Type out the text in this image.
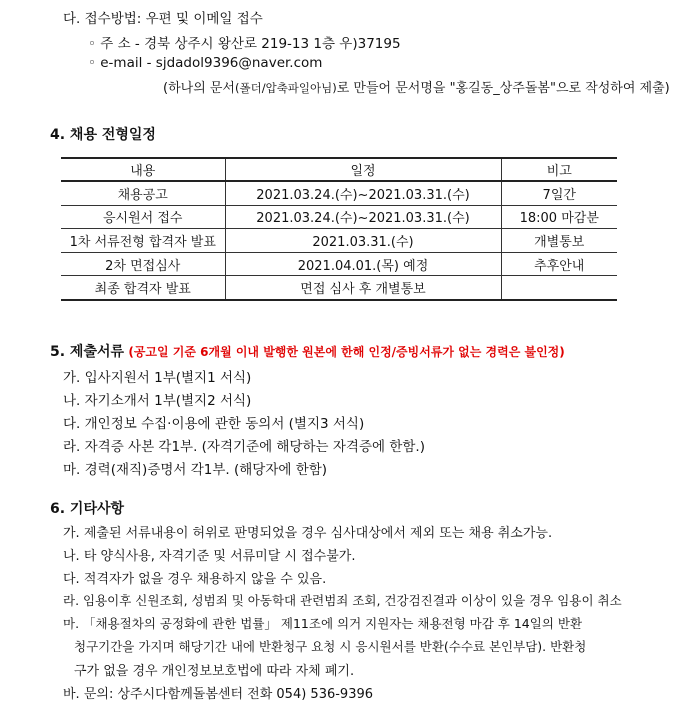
다. 접수방법: 우편 및 이메일 접수
◦ 주 소 - 경북 상주시 왕산로 219-13 1층 우)37195
◦ e-mail - sjdadol9396@naver.com
(하나의 문서(폴더/압축파일아님)로 만들어 문서명을 "홍길동_상주돌봄"으로 작성하여 제출)
4. 채용 전형일정
내용	일정	비고
채용공고	2021.03.24.(수)~2021.03.31.(수)	7일간
응시원서 접수	2021.03.24.(수)~2021.03.31.(수)	18:00 마감분
1차 서류전형 합격자 발표	2021.03.31.(수)	개별통보
2차 면접심사	2021.04.01.(목) 예정	추후안내
최종 합격자 발표	면접 심사 후 개별통보	
5. 제출서류 (공고일 기준 6개월 이내 발행한 원본에 한해 인정/증빙서류가 없는 경력은 불인정)
가. 입사지원서 1부(별지1 서식)
나. 자기소개서 1부(별지2 서식)
다. 개인정보 수집·이용에 관한 동의서 (별지3 서식)
라. 자격증 사본 각1부. (자격기준에 해당하는 자격증에 한함.)
마. 경력(재직)증명서 각1부. (해당자에 한함)
6. 기타사항
가. 제출된 서류내용이 허위로 판명되었을 경우 심사대상에서 제외 또는 채용 취소가능.
나. 타 양식사용, 자격기준 및 서류미달 시 접수불가.
다. 적격자가 없을 경우 채용하지 않을 수 있음.
라. 임용이후 신원조회, 성범죄 및 아동학대 관련범죄 조회, 건강검진결과 이상이 있을 경우 임용이 취소
마. 「채용절차의 공정화에 관한 법률」 제11조에 의거 지원자는 채용전형 마감 후 14일의 반환
청구기간을 가지며 해당기간 내에 반환청구 요청 시 응시원서를 반환(수수료 본인부담). 반환청
구가 없을 경우 개인정보보호법에 따라 자체 폐기.
바. 문의: 상주시다함께돌봄센터 전화 054) 536-9396
